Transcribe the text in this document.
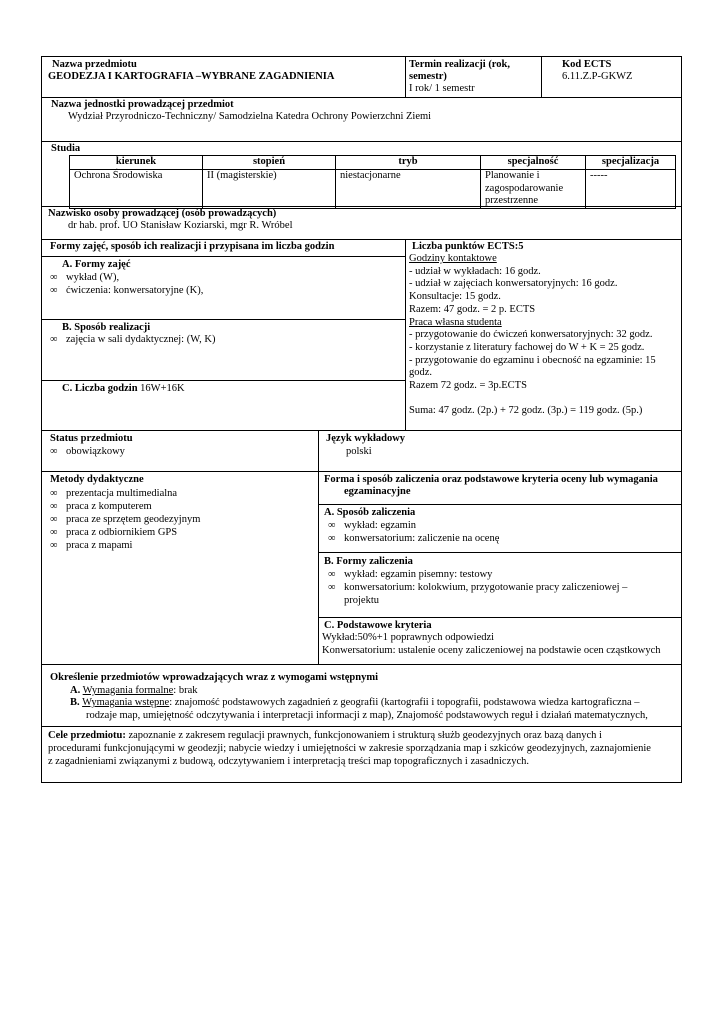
Nazwa przedmiotu
GEODEZJA I KARTOGRAFIA –WYBRANE ZAGADNIENIA
Termin realizacji (rok,
semestr)
I rok/ 1 semestr
Kod ECTS
6.11.Z.P-GKWZ
Nazwa jednostki prowadzącej przedmiot
Wydział Przyrodniczo-Techniczny/ Samodzielna Katedra Ochrony Powierzchni Ziemi
Studia
kierunek	stopień	tryb	specjalność	specjalizacja
Ochrona Środowiska	II (magisterskie)	niestacjonarne	Planowanie i zagospodarowanie przestrzenne	-----
Nazwisko osoby prowadzącej (osób prowadzących)
dr hab. prof. UO Stanisław Koziarski, mgr R. Wróbel
Formy zajęć, sposób ich realizacji i przypisana im liczba godzin
A. Formy zajęć
∞ wykład (W),
∞ ćwiczenia: konwersatoryjne (K),
B. Sposób realizacji
∞ zajęcia w sali dydaktycznej: (W, K)
C. Liczba godzin 16W+16K
Liczba punktów ECTS:5
Godziny kontaktowe
- udział w wykładach: 16 godz.
- udział w zajęciach konwersatoryjnych: 16 godz.
Konsultacje: 15 godz.
Razem: 47 godz. = 2 p. ECTS
Praca własna studenta
- przygotowanie do ćwiczeń konwersatoryjnych: 32 godz.
- korzystanie z literatury fachowej do W + K = 25 godz.
- przygotowanie do egzaminu i obecność na egzaminie: 15
godz.
Razem 72 godz. = 3p.ECTS
Suma: 47 godz. (2p.) + 72 godz. (3p.) = 119 godz. (5p.)
Status przedmiotu
∞ obowiązkowy
Język wykładowy
polski
Metody dydaktyczne
∞ prezentacja multimedialna
∞ praca z komputerem
∞ praca ze sprzętem geodezyjnym
∞ praca z odbiornikiem GPS
∞ praca z mapami
Forma i sposób zaliczenia oraz podstawowe kryteria oceny lub wymagania
egzaminacyjne
A. Sposób zaliczenia
∞ wykład: egzamin
∞ konwersatorium: zaliczenie na ocenę
B. Formy zaliczenia
∞ wykład: egzamin pisemny: testowy
∞ konwersatorium: kolokwium, przygotowanie pracy zaliczeniowej –
projektu
C. Podstawowe kryteria
Wykład:50%+1 poprawnych odpowiedzi
Konwersatorium: ustalenie oceny zaliczeniowej na podstawie ocen cząstkowych
Określenie przedmiotów wprowadzających wraz z wymogami wstępnymi
A. Wymagania formalne: brak
B. Wymagania wstępne: znajomość podstawowych zagadnień z geografii (kartografii i topografii, podstawowa wiedza kartograficzna –
rodzaje map, umiejętność odczytywania i interpretacji informacji z map), Znajomość podstawowych reguł i działań matematycznych,
Cele przedmiotu: zapoznanie z zakresem regulacji prawnych, funkcjonowaniem i strukturą służb geodezyjnych oraz bazą danych i
procedurami funkcjonującymi w geodezji; nabycie wiedzy i umiejętności w zakresie sporządzania map i szkiców geodezyjnych, zaznajomienie
z zagadnieniami związanymi z budową, odczytywaniem i interpretacją treści map topograficznych i zasadniczych.
